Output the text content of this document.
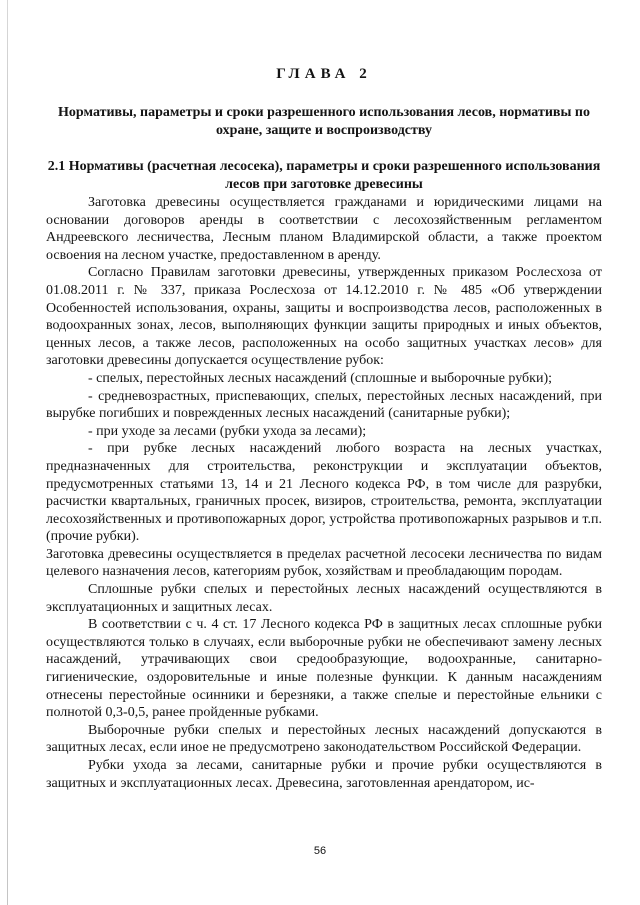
ГЛАВА 2
Нормативы, параметры и сроки разрешенного использования лесов, нормативы по охране, защите и воспроизводству
2.1 Нормативы (расчетная лесосека), параметры и сроки разрешенного использования лесов при заготовке древесины

Заготовка древесины осуществляется гражданами и юридическими лицами на основании договоров аренды в соответствии с лесохозяйственным регламентом Андреевского лесничества, Лесным планом Владимирской области, а также проектом освоения на лесном участке, предоставленном в аренду.

Согласно Правилам заготовки древесины, утвержденных приказом Рослесхоза от 01.08.2011 г. № 337, приказа Рослесхоза от 14.12.2010 г. № 485 «Об утверждении Особенностей использования, охраны, защиты и воспроизводства лесов, расположенных в водоохранных зонах, лесов, выполняющих функции защиты природных и иных объектов, ценных лесов, а также лесов, расположенных на особо защитных участках лесов» для заготовки древесины допускается осуществление рубок:

- спелых, перестойных лесных насаждений (сплошные и выборочные рубки);

- средневозрастных, приспевающих, спелых, перестойных лесных насаждений, при вырубке погибших и поврежденных лесных насаждений (санитарные рубки);

- при уходе за лесами (рубки ухода за лесами);

- при рубке лесных насаждений любого возраста на лесных участках, предназначенных для строительства, реконструкции и эксплуатации объектов, предусмотренных статьями 13, 14 и 21 Лесного кодекса РФ, в том числе для разрубки, расчистки квартальных, граничных просек, визиров, строительства, ремонта, эксплуатации лесохозяйственных и противопожарных дорог, устройства противопожарных разрывов и т.п. (прочие рубки).

Заготовка древесины осуществляется в пределах расчетной лесосеки лесничества по видам целевого назначения лесов, категориям рубок, хозяйствам и преобладающим породам.

Сплошные рубки спелых и перестойных лесных насаждений осуществляются в эксплуатационных и защитных лесах.

В соответствии с ч. 4 ст. 17 Лесного кодекса РФ в защитных лесах сплошные рубки осуществляются только в случаях, если выборочные рубки не обеспечивают замену лесных насаждений, утрачивающих свои средообразующие, водоохранные, санитарно-гигиенические, оздоровительные и иные полезные функции. К данным насаждениям отнесены перестойные осинники и березняки, а также спелые и перестойные ельники с полнотой 0,3-0,5, ранее пройденные рубками.

Выборочные рубки спелых и перестойных лесных насаждений допускаются в защитных лесах, если иное не предусмотрено законодательством Российской Федерации.

Рубки ухода за лесами, санитарные рубки и прочие рубки осуществляются в защитных и эксплуатационных лесах. Древесина, заготовленная арендатором, ис-

56
